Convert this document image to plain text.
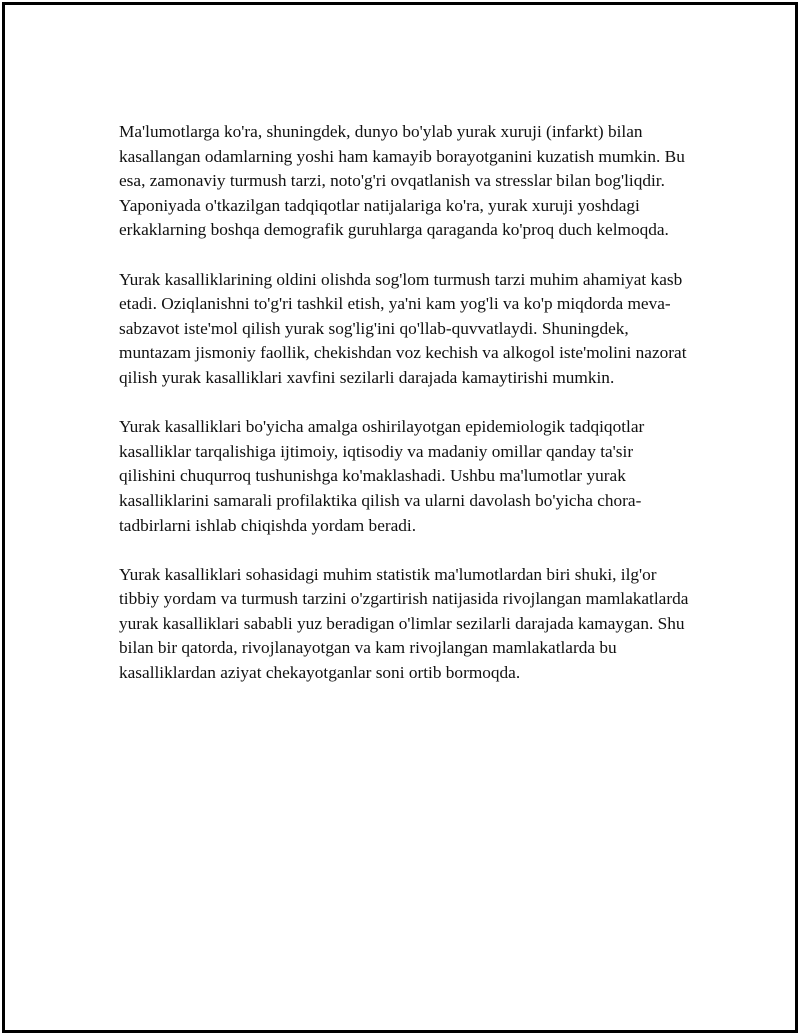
Ma'lumotlarga ko'ra, shuningdek, dunyo bo'ylab yurak xuruji (infarkt) bilan kasallangan odamlarning yoshi ham kamayib borayotganini kuzatish mumkin. Bu esa, zamonaviy turmush tarzi, noto'g'ri ovqatlanish va stresslar bilan bog'liqdir. Yaponiyada o'tkazilgan tadqiqotlar natijalariga ko'ra, yurak xuruji yoshdagi erkaklarning boshqa demografik guruhlarga qaraganda ko'proq duch kelmoqda.

Yurak kasalliklarining oldini olishda sog'lom turmush tarzi muhim ahamiyat kasb etadi. Oziqlanishni to'g'ri tashkil etish, ya'ni kam yog'li va ko'p miqdorda meva-sabzavot iste'mol qilish yurak sog'lig'ini qo'llab-quvvatlaydi. Shuningdek, muntazam jismoniy faollik, chekishdan voz kechish va alkogol iste'molini nazorat qilish yurak kasalliklari xavfini sezilarli darajada kamaytirishi mumkin.

Yurak kasalliklari bo'yicha amalga oshirilayotgan epidemiologik tadqiqotlar kasalliklar tarqalishiga ijtimoiy, iqtisodiy va madaniy omillar qanday ta'sir qilishini chuqurroq tushunishga ko'maklashadi. Ushbu ma'lumotlar yurak kasalliklarini samarali profilaktika qilish va ularni davolash bo'yicha chora-tadbirlarni ishlab chiqishda yordam beradi.

Yurak kasalliklari sohasidagi muhim statistik ma'lumotlardan biri shuki, ilg'or tibbiy yordam va turmush tarzini o'zgartirish natijasida rivojlangan mamlakatlarda yurak kasalliklari sababli yuz beradigan o'limlar sezilarli darajada kamaygan. Shu bilan bir qatorda, rivojlanayotgan va kam rivojlangan mamlakatlarda bu kasalliklardan aziyat chekayotganlar soni ortib bormoqda.
